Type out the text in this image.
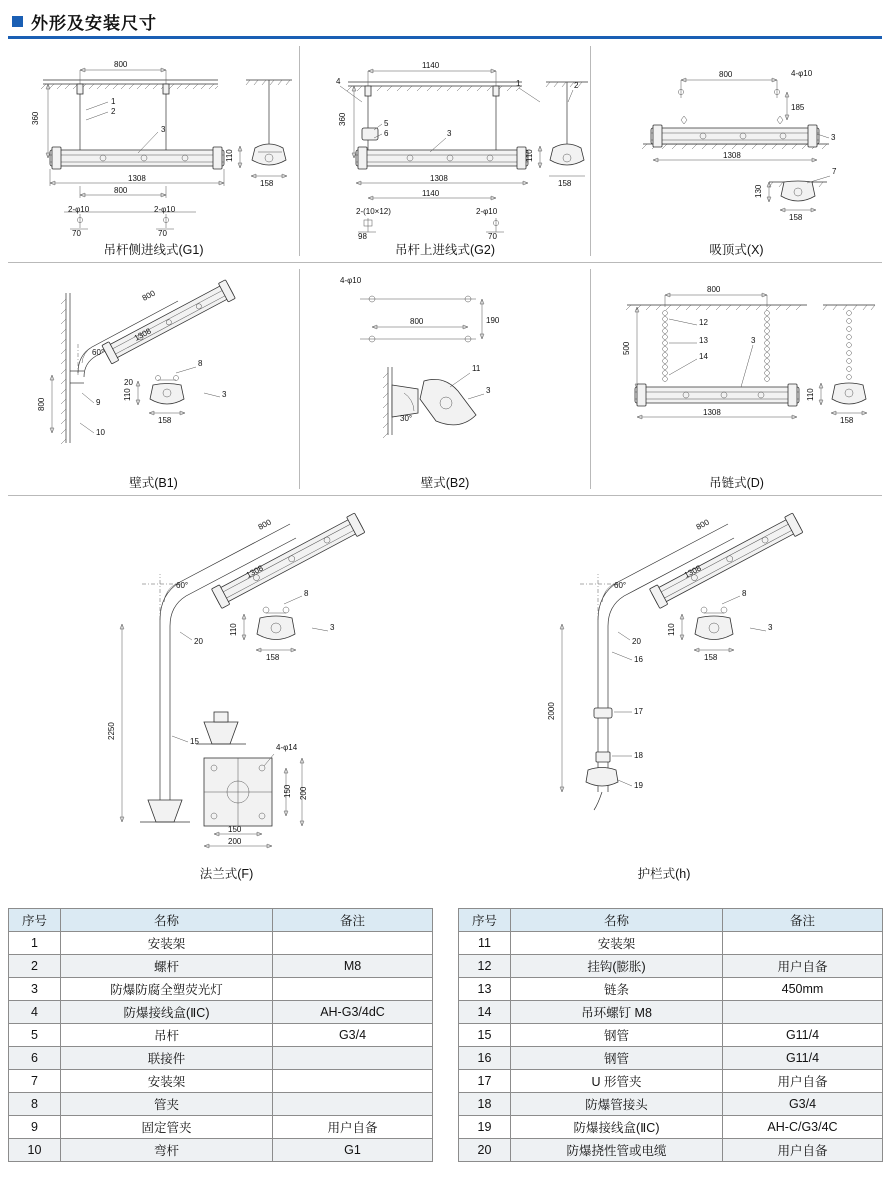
外形及安装尺寸
800
360
1
2
3
1308
800
2-φ10	2-φ10
70	70
110
158
吊杆侧进线式(G1)
1140
360
4
5
6	3
1308
1140
2-(10×12)	2-φ10
98	70
1	2
110
158
吊杆上进线式(G2)
800	4-φ10
185
3
1308
7
130
158
吸顶式(X)
800
1308
60°
800
8
3
9
10
20
110
158
壁式(B1)
4-φ10
800	190
30°
11
3
壁式(B2)
800
500
12
13
14
3
1308
110
158
吊链式(D)
800
1308
60°
8
3
20
110
158
2250
15
4-φ14
150 200
150
200
法兰式(F)
800
1308
60°
8
3
20
110
158
2000
16
17
18
19
护栏式(h)
序号	名称	备注
1	安装架	
2	螺杆	M8
3	防爆防腐全塑荧光灯	
4	防爆接线盒(ⅡC)	AH-G3/4dC
5	吊杆	G3/4
6	联接件	
7	安装架	
8	管夹	
9	固定管夹	用户自备
10	弯杆	G1
序号	名称	备注
11	安装架	
12	挂钩(膨胀)	用户自备
13	链条	450mm
14	吊环螺钉 M8	
15	钢管	G11/4
16	钢管	G11/4
17	U 形管夹	用户自备
18	防爆管接头	G3/4
19	防爆接线盒(ⅡC)	AH-C/G3/4C
20	防爆挠性管或电缆	用户自备
